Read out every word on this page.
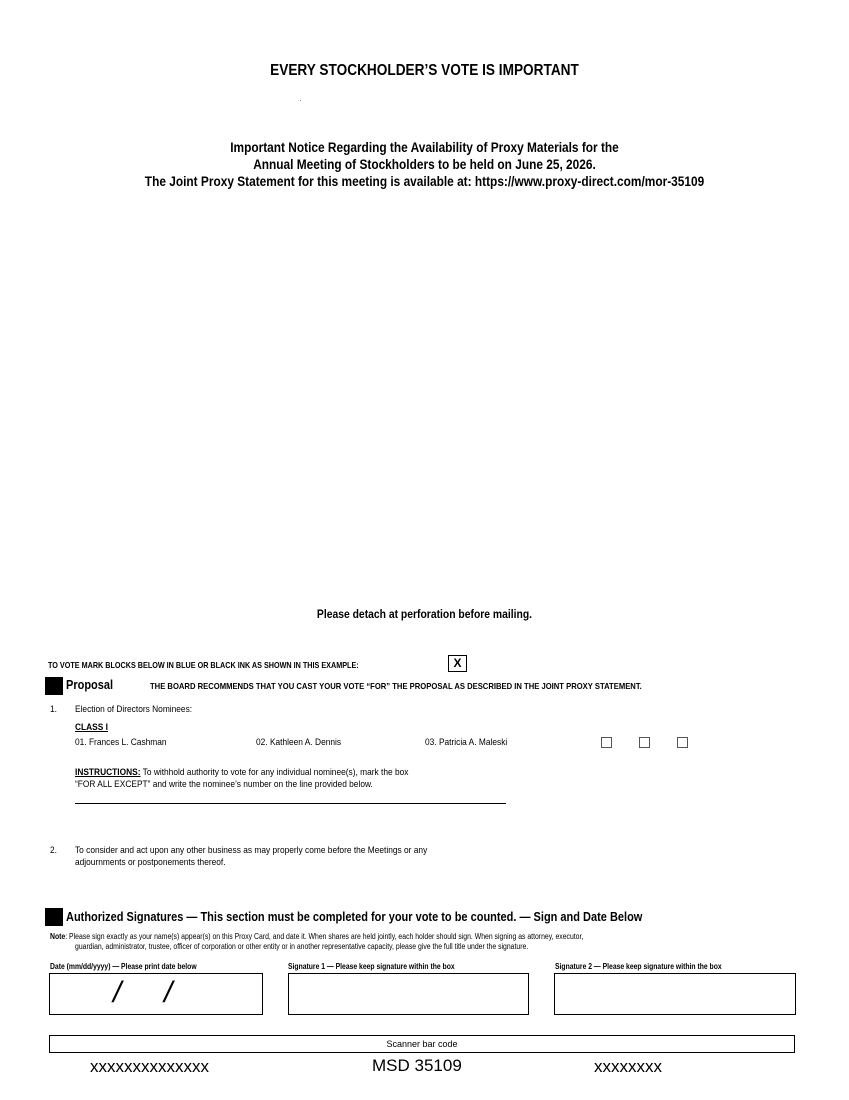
EVERY STOCKHOLDER’S VOTE IS IMPORTANT
Important Notice Regarding the Availability of Proxy Materials for the
Annual Meeting of Stockholders to be held on June 25, 2026.
The Joint Proxy Statement for this meeting is available at: https://www.proxy-direct.com/mor-35109
Please detach at perforation before mailing.
TO VOTE MARK BLOCKS BELOW IN BLUE OR BLACK INK AS SHOWN IN THIS EXAMPLE:	X
Proposal	THE BOARD RECOMMENDS THAT YOU CAST YOUR VOTE “FOR” THE PROPOSAL AS DESCRIBED IN THE JOINT PROXY STATEMENT.
1. Election of Directors Nominees:
CLASS I
01. Frances L. Cashman	02. Kathleen A. Dennis	03. Patricia A. Maleski
INSTRUCTIONS: To withhold authority to vote for any individual nominee(s), mark the box
“FOR ALL EXCEPT” and write the nominee’s number on the line provided below.
2. To consider and act upon any other business as may properly come before the Meetings or any
adjournments or postponements thereof.
Authorized Signatures — This section must be completed for your vote to be counted. — Sign and Date Below
Note: Please sign exactly as your name(s) appear(s) on this Proxy Card, and date it. When shares are held jointly, each holder should sign. When signing as attorney, executor,
guardian, administrator, trustee, officer of corporation or other entity or in another representative capacity, please give the full title under the signature.
Date (mm/dd/yyyy) — Please print date below	Signature 1 — Please keep signature within the box	Signature 2 — Please keep signature within the box
/ /
Scanner bar code
xxxxxxxxxxxxxx	MSD 35109	xxxxxxxx
